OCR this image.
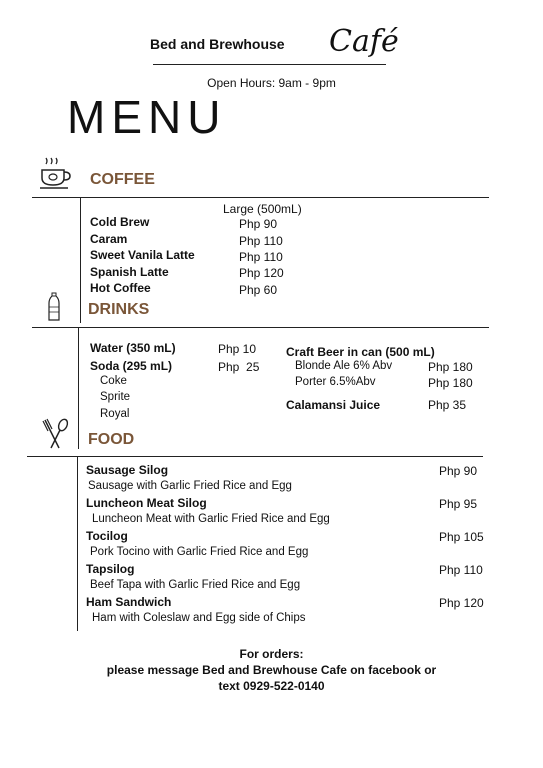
Bed and Brewhouse Café
Open Hours: 9am - 9pm
MENU
COFFEE
Large (500mL)
Cold Brew	Php 90
Caram	Php 110
Sweet Vanila Latte	Php 110
Spanish Latte	Php 120
Hot Coffee	Php 60
DRINKS
Water (350 mL)	Php 10
Soda (295 mL)	Php  25
Coke
Sprite
Royal
Craft Beer in can (500 mL)
Blonde Ale 6% Abv	Php 180
Porter 6.5%Abv	Php 180
Calamansi Juice	Php 35
FOOD
Sausage Silog	Php 90
Sausage with Garlic Fried Rice and Egg
Luncheon Meat Silog	Php 95
Luncheon Meat with Garlic Fried Rice and Egg
Tocilog	Php 105
Pork Tocino with Garlic Fried Rice and Egg
Tapsilog	Php 110
Beef Tapa with Garlic Fried Rice and Egg
Ham Sandwich	Php 120
Ham with Coleslaw and Egg side of Chips
For orders:
please message Bed and Brewhouse Cafe on facebook or
text 0929-522-0140
